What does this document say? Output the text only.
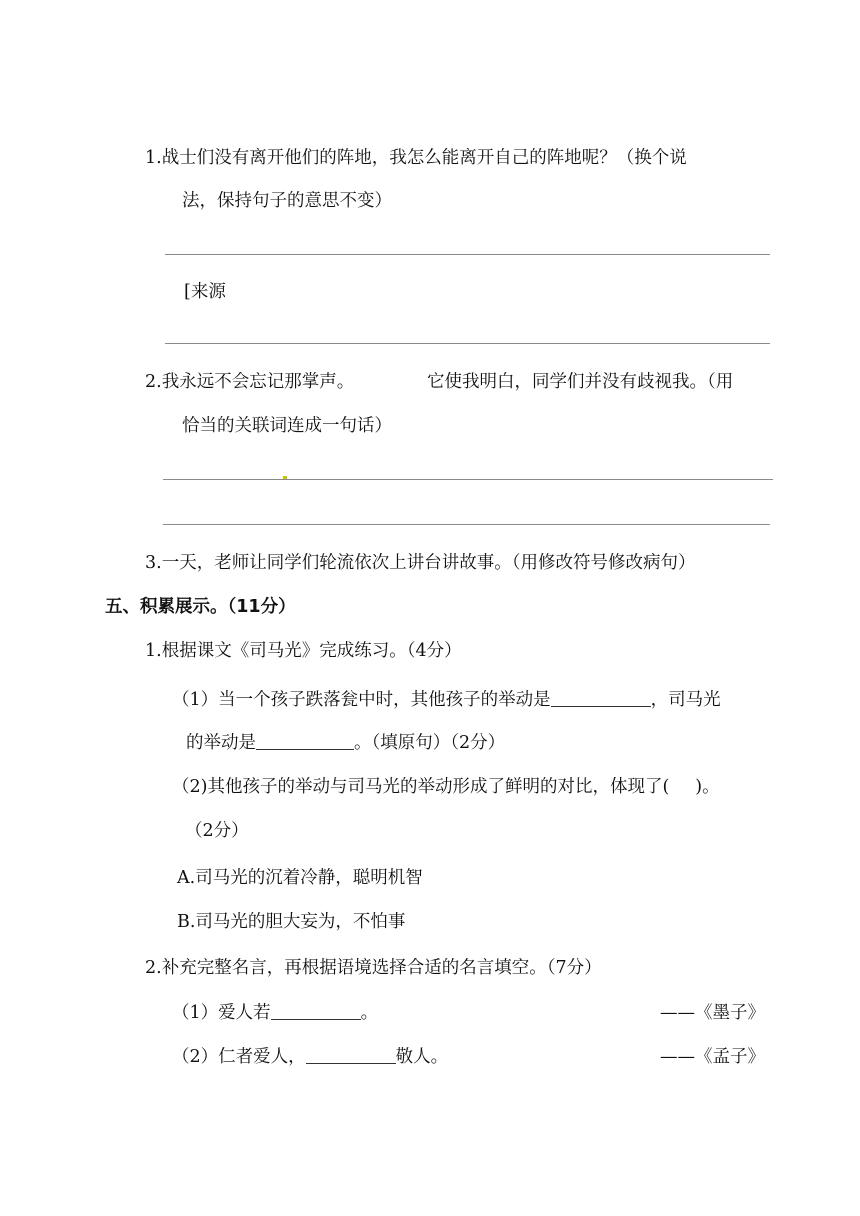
1.战士们没有离开他们的阵地，我怎么能离开自己的阵地呢？（换个说
法，保持句子的意思不变）
[来源
2.我永远不会忘记那掌声。	它使我明白，同学们并没有歧视我。（用
恰当的关联词连成一句话）
3.一天，老师让同学们轮流依次上讲台讲故事。（用修改符号修改病句）
五、积累展示。（11分）
1.根据课文《司马光》完成练习。（4分）
（1）当一个孩子跌落瓮中时，其他孩子的举动是	，司马光
的举动是	。（填原句）（2分）
（2)其他孩子的举动与司马光的举动形成了鲜明的对比，体现了( )。
（2分）
A.司马光的沉着冷静，聪明机智
B.司马光的胆大妄为，不怕事
2.补充完整名言，再根据语境选择合适的名言填空。（7分）
（1）爱人若	。	——《墨子》
（2）仁者爱人，	敬人。	——《孟子》
